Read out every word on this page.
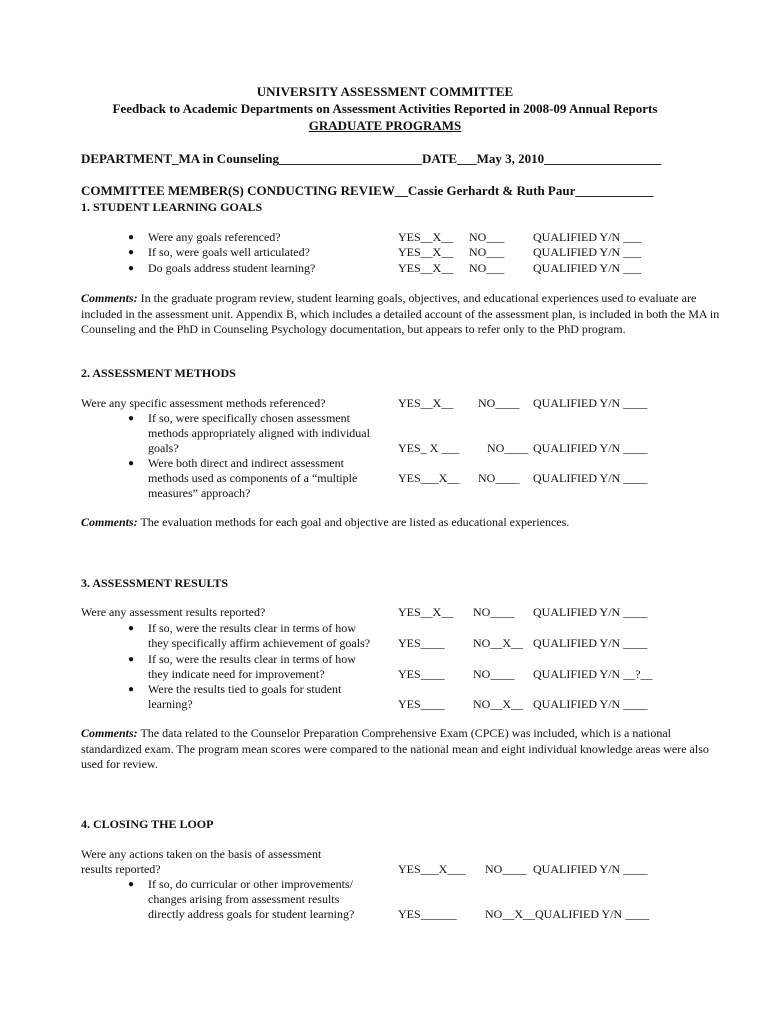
UNIVERSITY ASSESSMENT COMMITTEE
Feedback to Academic Departments on Assessment Activities Reported in 2008-09 Annual Reports
GRADUATE PROGRAMS
DEPARTMENT_MA in Counseling______________________DATE___May 3, 2010__________________
COMMITTEE MEMBER(S) CONDUCTING REVIEW__Cassie Gerhardt & Ruth Paur____________
1. STUDENT LEARNING GOALS
● Were any goals referenced?	YES__X__ NO___ QUALIFIED Y/N ___
● If so, were goals well articulated?	YES__X__ NO___ QUALIFIED Y/N ___
● Do goals address student learning?	YES__X__ NO___ QUALIFIED Y/N ___
Comments: In the graduate program review, student learning goals, objectives, and educational experiences used to evaluate are included in the assessment unit. Appendix B, which includes a detailed account of the assessment plan, is included in both the MA in Counseling and the PhD in Counseling Psychology documentation, but appears to refer only to the PhD program.
2. ASSESSMENT METHODS
Were any specific assessment methods referenced?	YES__X__ NO____ QUALIFIED Y/N ____
● If so, were specifically chosen assessment
methods appropriately aligned with individual
goals?	YES_ X ___ NO____ QUALIFIED Y/N ____
● Were both direct and indirect assessment
methods used as components of a “multiple	YES___X__ NO____ QUALIFIED Y/N ____
measures” approach?
Comments: The evaluation methods for each goal and objective are listed as educational experiences.
3. ASSESSMENT RESULTS
Were any assessment results reported?	YES__X__ NO____ QUALIFIED Y/N ____
● If so, were the results clear in terms of how
they specifically affirm achievement of goals? YES____ NO__X__ QUALIFIED Y/N ____
● If so, were the results clear in terms of how
they indicate need for improvement?	YES____ NO____ QUALIFIED Y/N __?__
● Were the results tied to goals for student
learning?	YES____ NO__X__ QUALIFIED Y/N ____
Comments: The data related to the Counselor Preparation Comprehensive Exam (CPCE) was included, which is a national standardized exam. The program mean scores were compared to the national mean and eight individual knowledge areas were also used for review.
4. CLOSING THE LOOP
Were any actions taken on the basis of assessment
results reported?	YES___X___ NO____ QUALIFIED Y/N ____
● If so, do curricular or other improvements/
changes arising from assessment results
directly address goals for student learning?	YES______ NO__X__QUALIFIED Y/N ____
